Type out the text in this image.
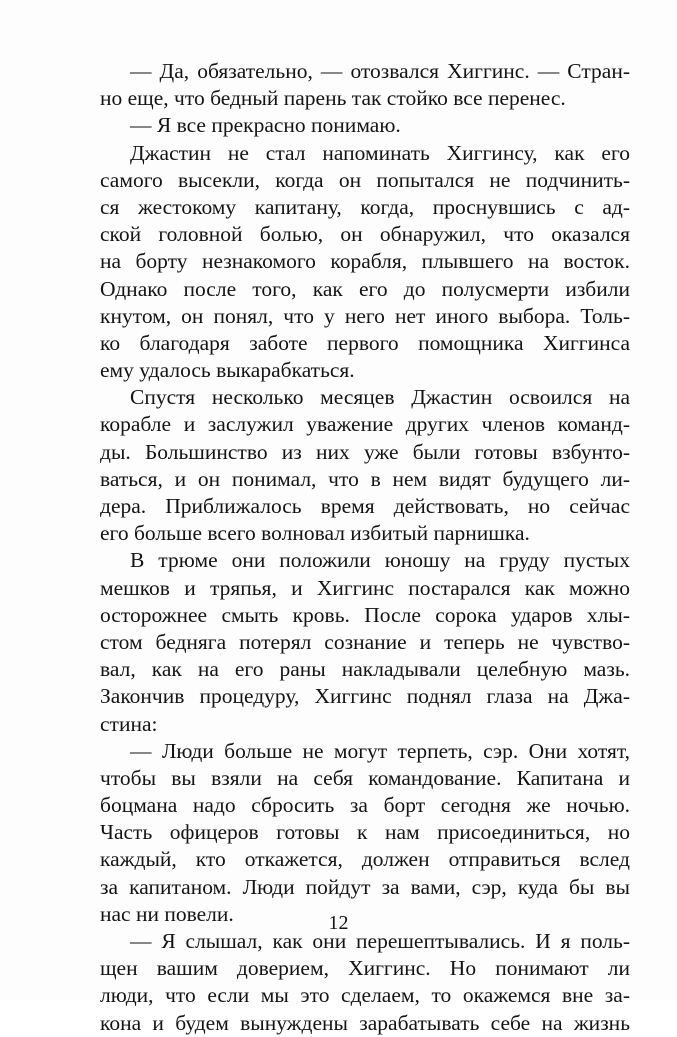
— Да, обязательно, — отозвался Хиггинс. — Стран-
но еще, что бедный парень так стойко все перенес.
— Я все прекрасно понимаю.
Джастин не стал напоминать Хиггинсу, как его
самого высекли, когда он попытался не подчинить-
ся жестокому капитану, когда, проснувшись с ад-
ской головной болью, он обнаружил, что оказался
на борту незнакомого корабля, плывшего на восток.
Однако после того, как его до полусмерти избили
кнутом, он понял, что у него нет иного выбора. Толь-
ко благодаря заботе первого помощника Хиггинса
ему удалось выкарабкаться.
Спустя несколько месяцев Джастин освоился на
корабле и заслужил уважение других членов команд-
ды. Большинство из них уже были готовы взбунто-
ваться, и он понимал, что в нем видят будущего ли-
дера. Приближалось время действовать, но сейчас
его больше всего волновал избитый парнишка.
В трюме они положили юношу на груду пустых
мешков и тряпья, и Хиггинс постарался как можно
осторожнее смыть кровь. После сорока ударов хлы-
стом бедняга потерял сознание и теперь не чувство-
вал, как на его раны накладывали целебную мазь.
Закончив процедуру, Хиггинс поднял глаза на Джа-
стина:
— Люди больше не могут терпеть, сэр. Они хотят,
чтобы вы взяли на себя командование. Капитана и
боцмана надо сбросить за борт сегодня же ночью.
Часть офицеров готовы к нам присоединиться, но
каждый, кто откажется, должен отправиться вслед
за капитаном. Люди пойдут за вами, сэр, куда бы вы
нас ни повели.
— Я слышал, как они перешептывались. И я поль-
щен вашим доверием, Хиггинс. Но понимают ли
люди, что если мы это сделаем, то окажемся вне за-
кона и будем вынуждены зарабатывать себе на жизнь
12
